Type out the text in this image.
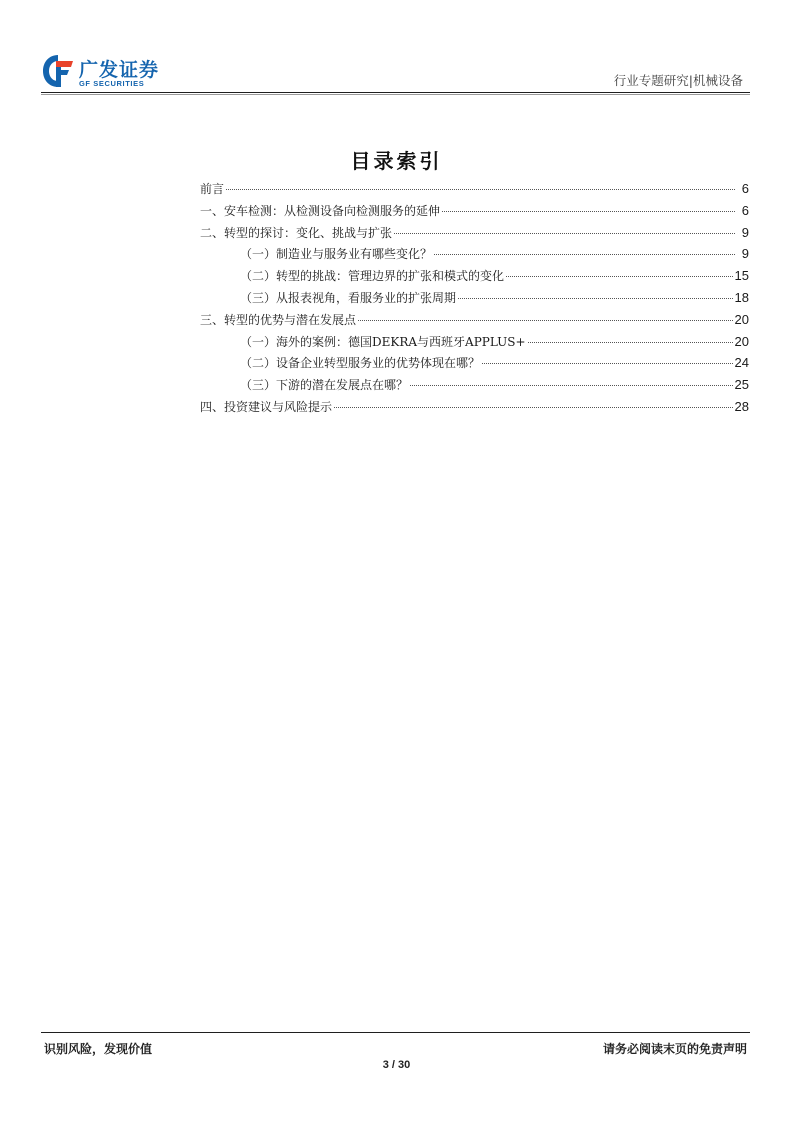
广发证券
GF SECURITIES	行业专题研究|机械设备
目录索引
前言	6
一、安车检测：从检测设备向检测服务的延伸	6
二、转型的探讨：变化、挑战与扩张	9
（一）制造业与服务业有哪些变化？	9
（二）转型的挑战：管理边界的扩张和模式的变化	15
（三）从报表视角，看服务业的扩张周期	18
三、转型的优势与潜在发展点	20
（一）海外的案例：德国DEKRA与西班牙APPLUS+	20
（二）设备企业转型服务业的优势体现在哪？	24
（三）下游的潜在发展点在哪？	25
四、投资建议与风险提示	28
识别风险，发现价值	请务必阅读末页的免责声明
3 / 30
